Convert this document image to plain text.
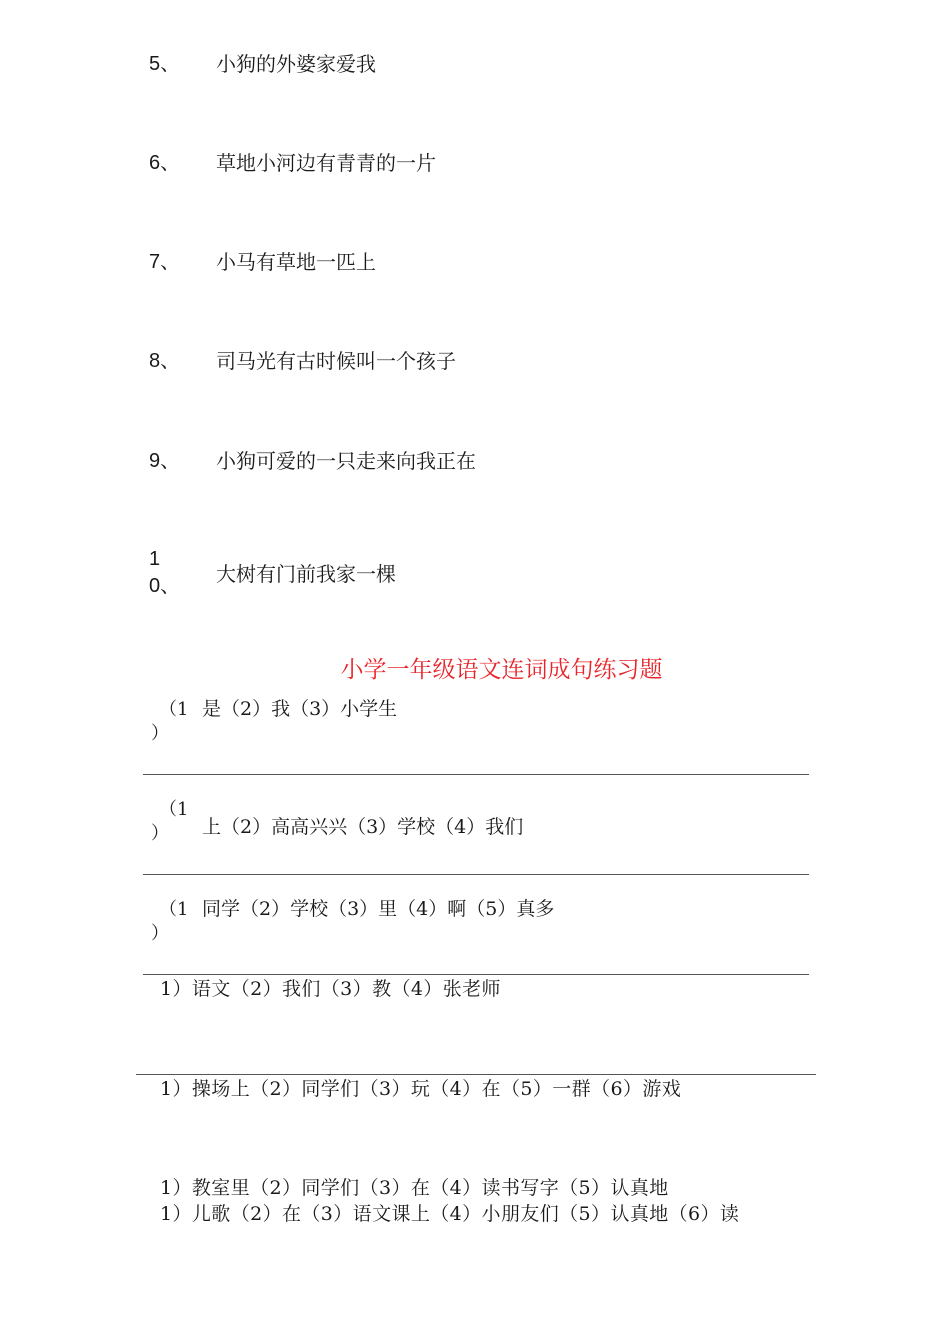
5、 小狗的外婆家爱我
6、 草地小河边有青青的一片
7、 小马有草地一匹上
8、 司马光有古时候叫一个孩子
9、 小狗可爱的一只走来向我正在
1
0、 大树有门前我家一棵
小学一年级语文连词成句练习题
（1
）
是（2）我（3）小学生
（1
） 上（2）高高兴兴（3）学校（4）我们
（1
）
同学（2）学校（3）里（4）啊（5）真多
1）语文（2）我们（3）教（4）张老师
1）操场上（2）同学们（3）玩（4）在（5）一群（6）游戏
1）教室里（2）同学们（3）在（4）读书写字（5）认真地
1）儿歌（2）在（3）语文课上（4）小朋友们（5）认真地（6）读
